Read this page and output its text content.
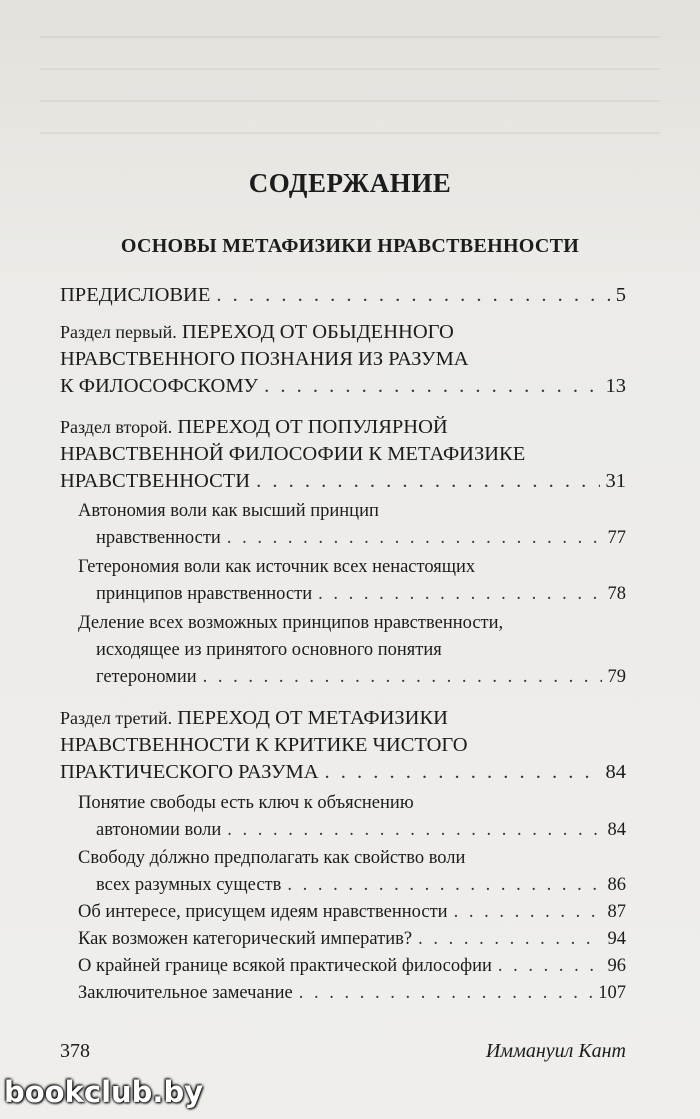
СОДЕРЖАНИЕ
ОСНОВЫ МЕТАФИЗИКИ НРАВСТВЕННОСТИ
ПРЕДИСЛОВИЕ . . .	5
Раздел первый.
ПЕРЕХОД ОТ ОБЫДЕННОГО
НРАВСТВЕННОГО ПОЗНАНИЯ ИЗ РАЗУМА
К ФИЛОСОФСКОМУ . . .	13
Раздел второй.
ПЕРЕХОД ОТ ПОПУЛЯРНОЙ
НРАВСТВЕННОЙ ФИЛОСОФИИ К МЕТАФИЗИКЕ
НРАВСТВЕННОСТИ . . .	31
Автономия воли как высший принцип
нравственности . . .	77
Гетерономия воли как источник всех ненастоящих
принципов нравственности . . .	78
Деление всех возможных принципов нравственности,
исходящее из принятого основного понятия
гетерономии . . .	79
Раздел третий.
ПЕРЕХОД ОТ МЕТАФИЗИКИ
НРАВСТВЕННОСТИ К КРИТИКЕ ЧИСТОГО
ПРАКТИЧЕСКОГО РАЗУМА . . .	84
Понятие свободы есть ключ к объяснению
автономии воли . . .	84
Свободу дóлжно предполагать как свойство воли
всех разумных существ . . .	86
Об интересе, присущем идеям нравственности . . .	87
Как возможен категорический императив? . . .	94
О крайней границе всякой практической философии . . .	96
Заключительное замечание . . .	107
378	Иммануил Кант
bookclub.by
